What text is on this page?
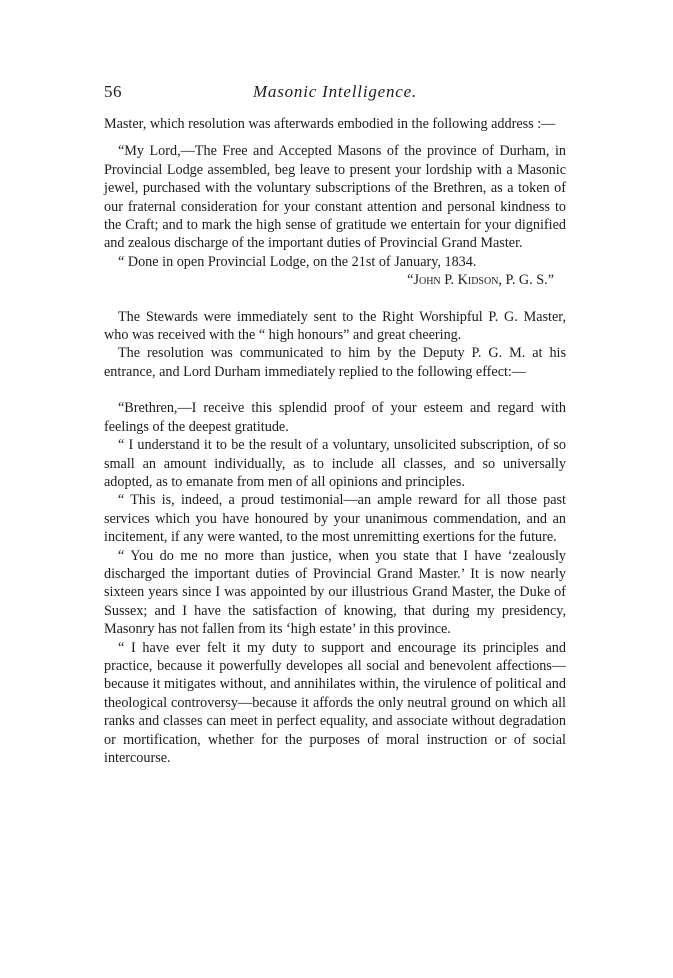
56	Masonic Intelligence.

Master, which resolution was afterwards embodied in the following address :—

“My Lord,—The Free and Accepted Masons of the province of Durham, in Provincial Lodge assembled, beg leave to present your lordship with a Masonic jewel, purchased with the voluntary subscriptions of the Brethren, as a token of our fraternal consideration for your constant attention and personal kindness to the Craft; and to mark the high sense of gratitude we entertain for your dignified and zealous discharge of the important duties of Provincial Grand Master.

“ Done in open Provincial Lodge, on the 21st of January, 1834.

“John P. Kidson, P. G. S.”

The Stewards were immediately sent to the Right Worshipful P. G. Master, who was received with the “ high honours” and great cheering.

The resolution was communicated to him by the Deputy P. G. M. at his entrance, and Lord Durham immediately replied to the following effect:—

“Brethren,—I receive this splendid proof of your esteem and regard with feelings of the deepest gratitude.

“ I understand it to be the result of a voluntary, unsolicited subscription, of so small an amount individually, as to include all classes, and so universally adopted, as to emanate from men of all opinions and principles.

“ This is, indeed, a proud testimonial—an ample reward for all those past services which you have honoured by your unanimous commendation, and an incitement, if any were wanted, to the most unremitting exertions for the future.

“ You do me no more than justice, when you state that I have ‘zealously discharged the important duties of Provincial Grand Master.’ It is now nearly sixteen years since I was appointed by our illustrious Grand Master, the Duke of Sussex; and I have the satisfaction of knowing, that during my presidency, Masonry has not fallen from its ‘high estate’ in this province.

“ I have ever felt it my duty to support and encourage its principles and practice, because it powerfully developes all social and benevolent affections—because it mitigates without, and annihilates within, the virulence of political and theological controversy—because it affords the only neutral ground on which all ranks and classes can meet in perfect equality, and associate without degradation or mortification, whether for the purposes of moral instruction or of social intercourse.
